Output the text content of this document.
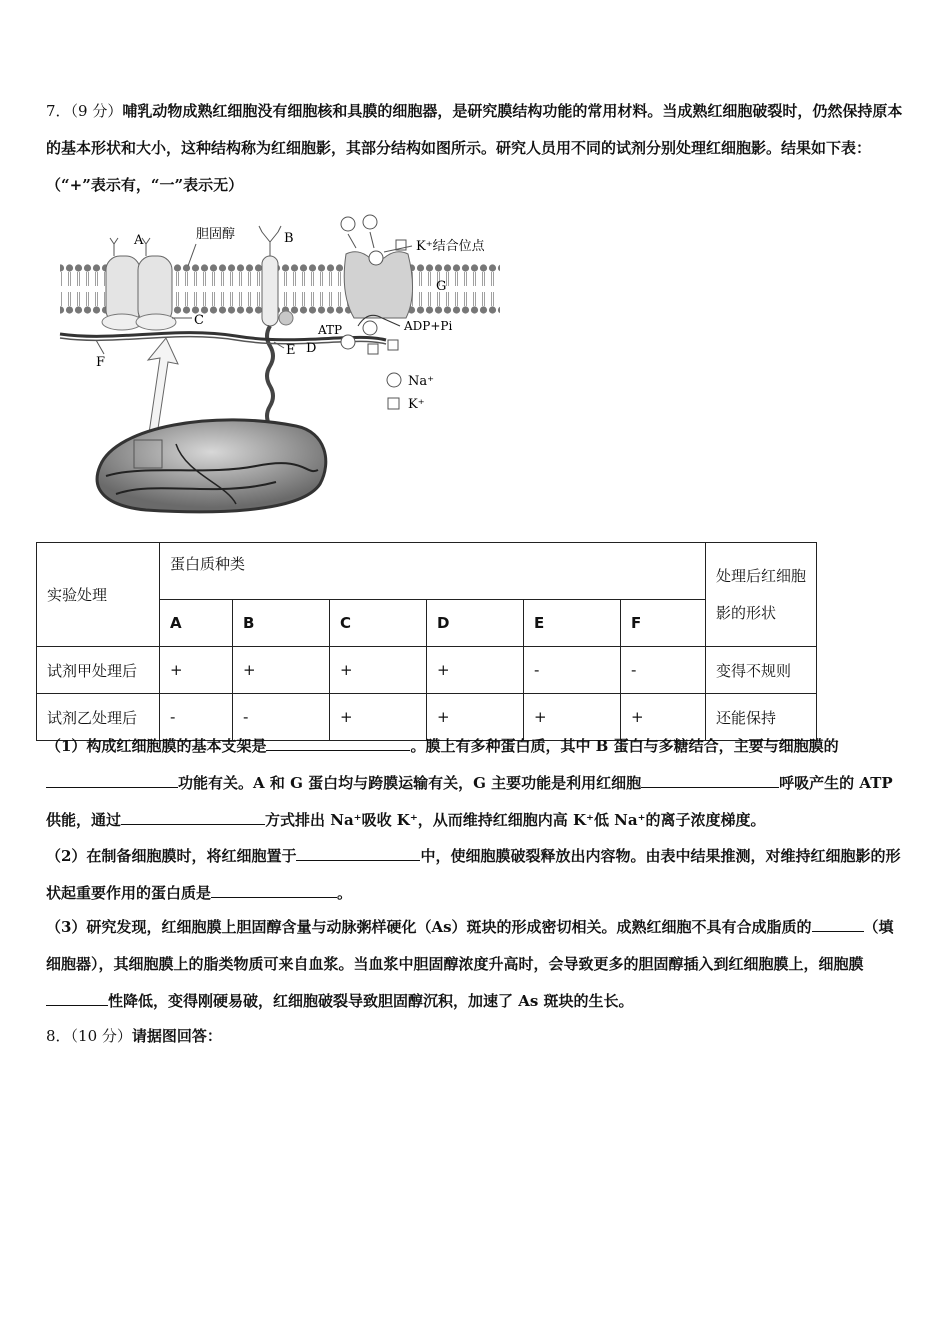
7．（9 分）哺乳动物成熟红细胞没有细胞核和具膜的细胞器，是研究膜结构功能的常用材料。当成熟红细胞破裂时，仍然保持原本的基本形状和大小，这种结构称为红细胞影，其部分结构如图所示。研究人员用不同的试剂分别处理红细胞影。结果如下表：（“+”表示有，“一”表示无）
A	胆固醇	B
F
C
E D
K⁺结合位点
G
ATP	ADP+Pi
Na⁺
K⁺
实验处理	蛋白质种类						处理后红细胞影的形状
	A	B	C	D	E	F	
试剂甲处理后	+	+	+	+	-	-	变得不规则
试剂乙处理后	-	-	+	+	+	+	还能保持
（1）构成红细胞膜的基本支架是	。膜上有多种蛋白质，其中 B 蛋白与多糖结合，主要与细胞膜的功能有关。A 和 G 蛋白均与跨膜运输有关，G 主要功能是利用红细胞	呼吸产生的 ATP 供能，通过	方式排出 Na⁺吸收 K⁺，从而维持红细胞内高 K⁺低 Na⁺的离子浓度梯度。
（2）在制备细胞膜时，将红细胞置于	中，使细胞膜破裂释放出内容物。由表中结果推测，对维持红细胞影的形状起重要作用的蛋白质是	。
（3）研究发现，红细胞膜上胆固醇含量与动脉粥样硬化（As）斑块的形成密切相关。成熟红细胞不具有合成脂质的	（填细胞器），其细胞膜上的脂类物质可来自血浆。当血浆中胆固醇浓度升高时，会导致更多的胆固醇插入到红细胞膜上，细胞膜性降低，变得刚硬易破，红细胞破裂导致胆固醇沉积，加速了 As 斑块的生长。
8．（10 分）请据图回答：
